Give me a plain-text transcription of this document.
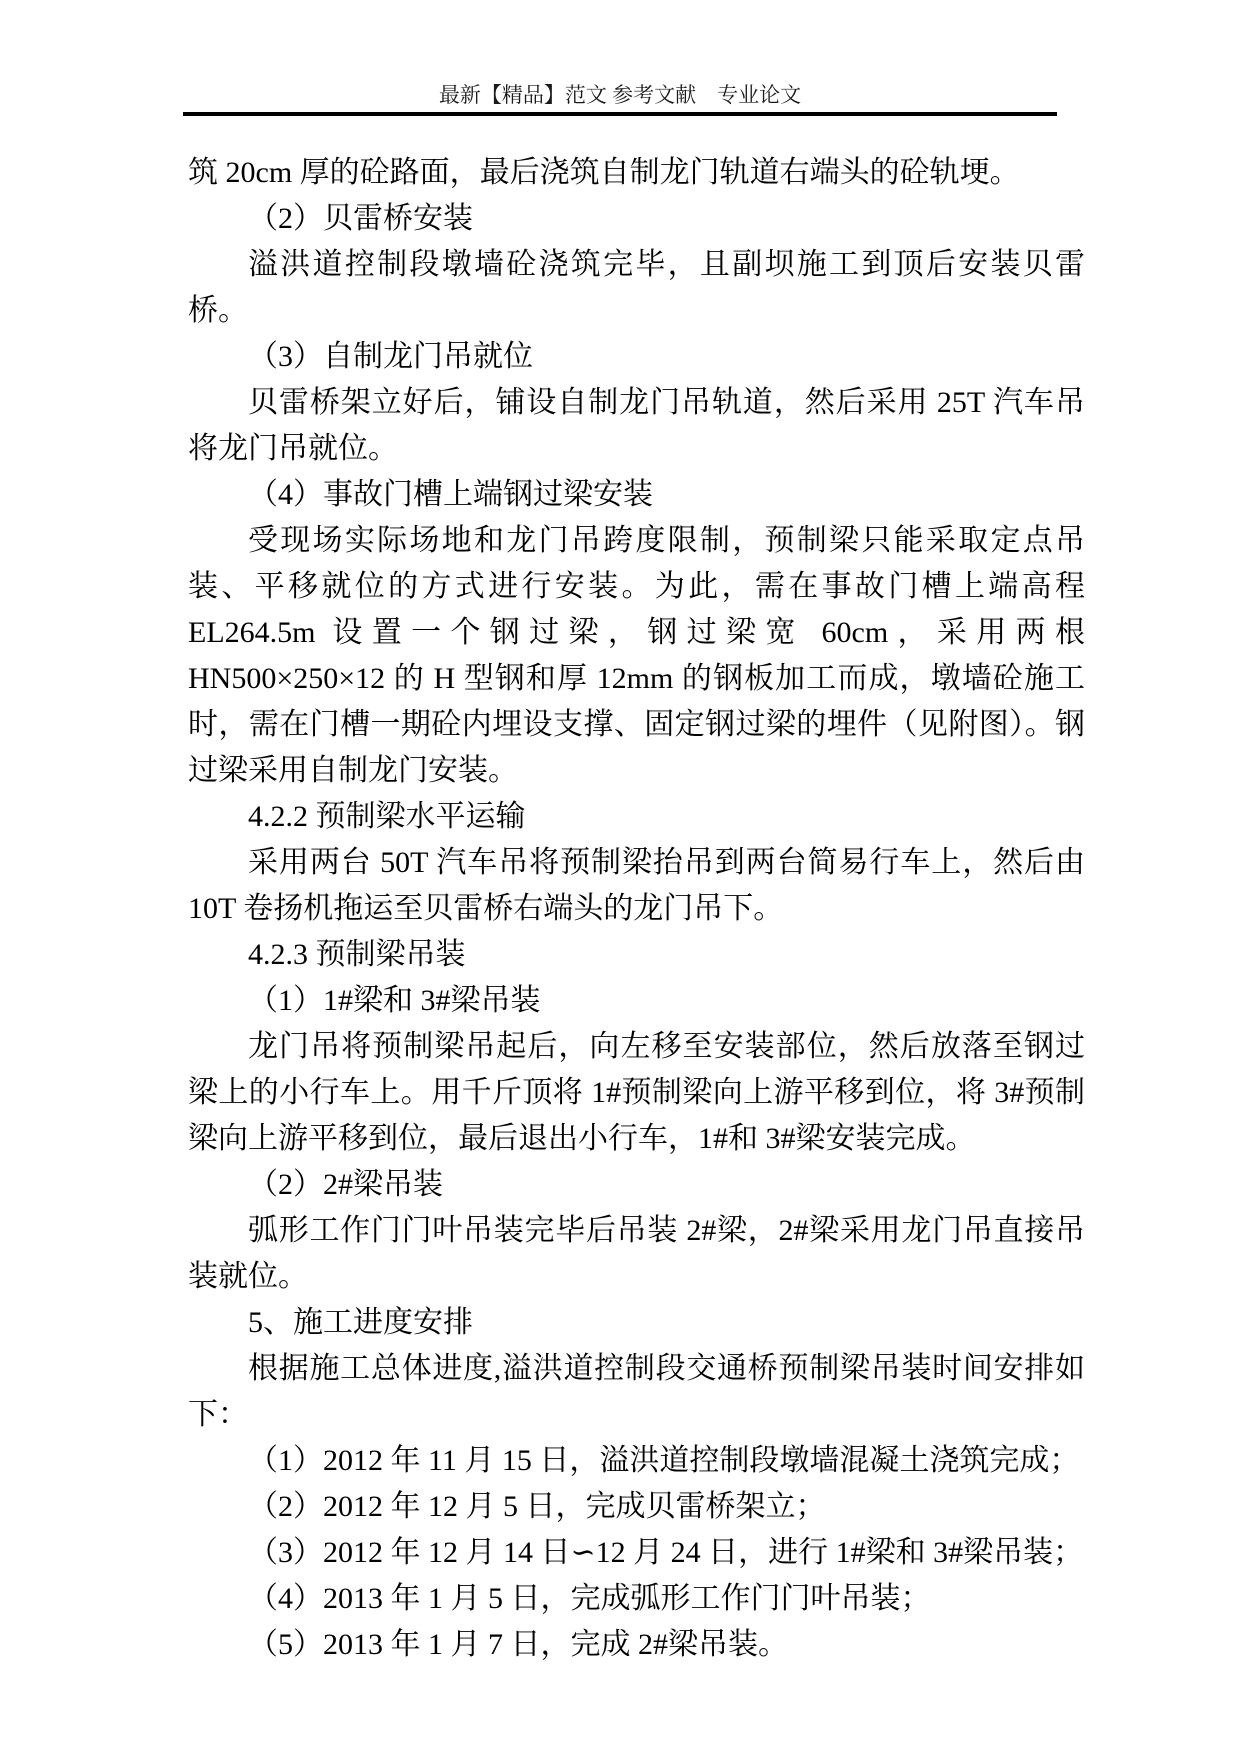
最新【精品】范文 参考文献　专业论文

筑 20cm 厚的砼路面，最后浇筑自制龙门轨道右端头的砼轨埂。

（2）贝雷桥安装

溢洪道控制段墩墙砼浇筑完毕，且副坝施工到顶后安装贝雷桥。

（3）自制龙门吊就位

贝雷桥架立好后，铺设自制龙门吊轨道，然后采用 25T 汽车吊将龙门吊就位。

（4）事故门槽上端钢过梁安装

受现场实际场地和龙门吊跨度限制，预制梁只能采取定点吊装、平移就位的方式进行安装。为此，需在事故门槽上端高程 EL264.5m 设置一个钢过梁，钢过梁宽 60cm，采用两根 HN500×250×12 的 H 型钢和厚 12mm 的钢板加工而成，墩墙砼施工时，需在门槽一期砼内埋设支撑、固定钢过梁的埋件（见附图）。钢过梁采用自制龙门安装。

4.2.2 预制梁水平运输

采用两台 50T 汽车吊将预制梁抬吊到两台简易行车上，然后由 10T 卷扬机拖运至贝雷桥右端头的龙门吊下。

4.2.3 预制梁吊装

（1）1#梁和 3#梁吊装

龙门吊将预制梁吊起后，向左移至安装部位，然后放落至钢过梁上的小行车上。用千斤顶将 1#预制梁向上游平移到位，将 3#预制梁向上游平移到位，最后退出小行车，1#和 3#梁安装完成。

（2）2#梁吊装

弧形工作门门叶吊装完毕后吊装 2#梁，2#梁采用龙门吊直接吊装就位。

5、施工进度安排

根据施工总体进度,溢洪道控制段交通桥预制梁吊装时间安排如下：

（1）2012 年 11 月 15 日，溢洪道控制段墩墙混凝土浇筑完成；

（2）2012 年 12 月 5 日，完成贝雷桥架立；

（3）2012 年 12 月 14 日∽12 月 24 日，进行 1#梁和 3#梁吊装；

（4）2013 年 1 月 5 日，完成弧形工作门门叶吊装；

（5）2013 年 1 月 7 日，完成 2#梁吊装。
